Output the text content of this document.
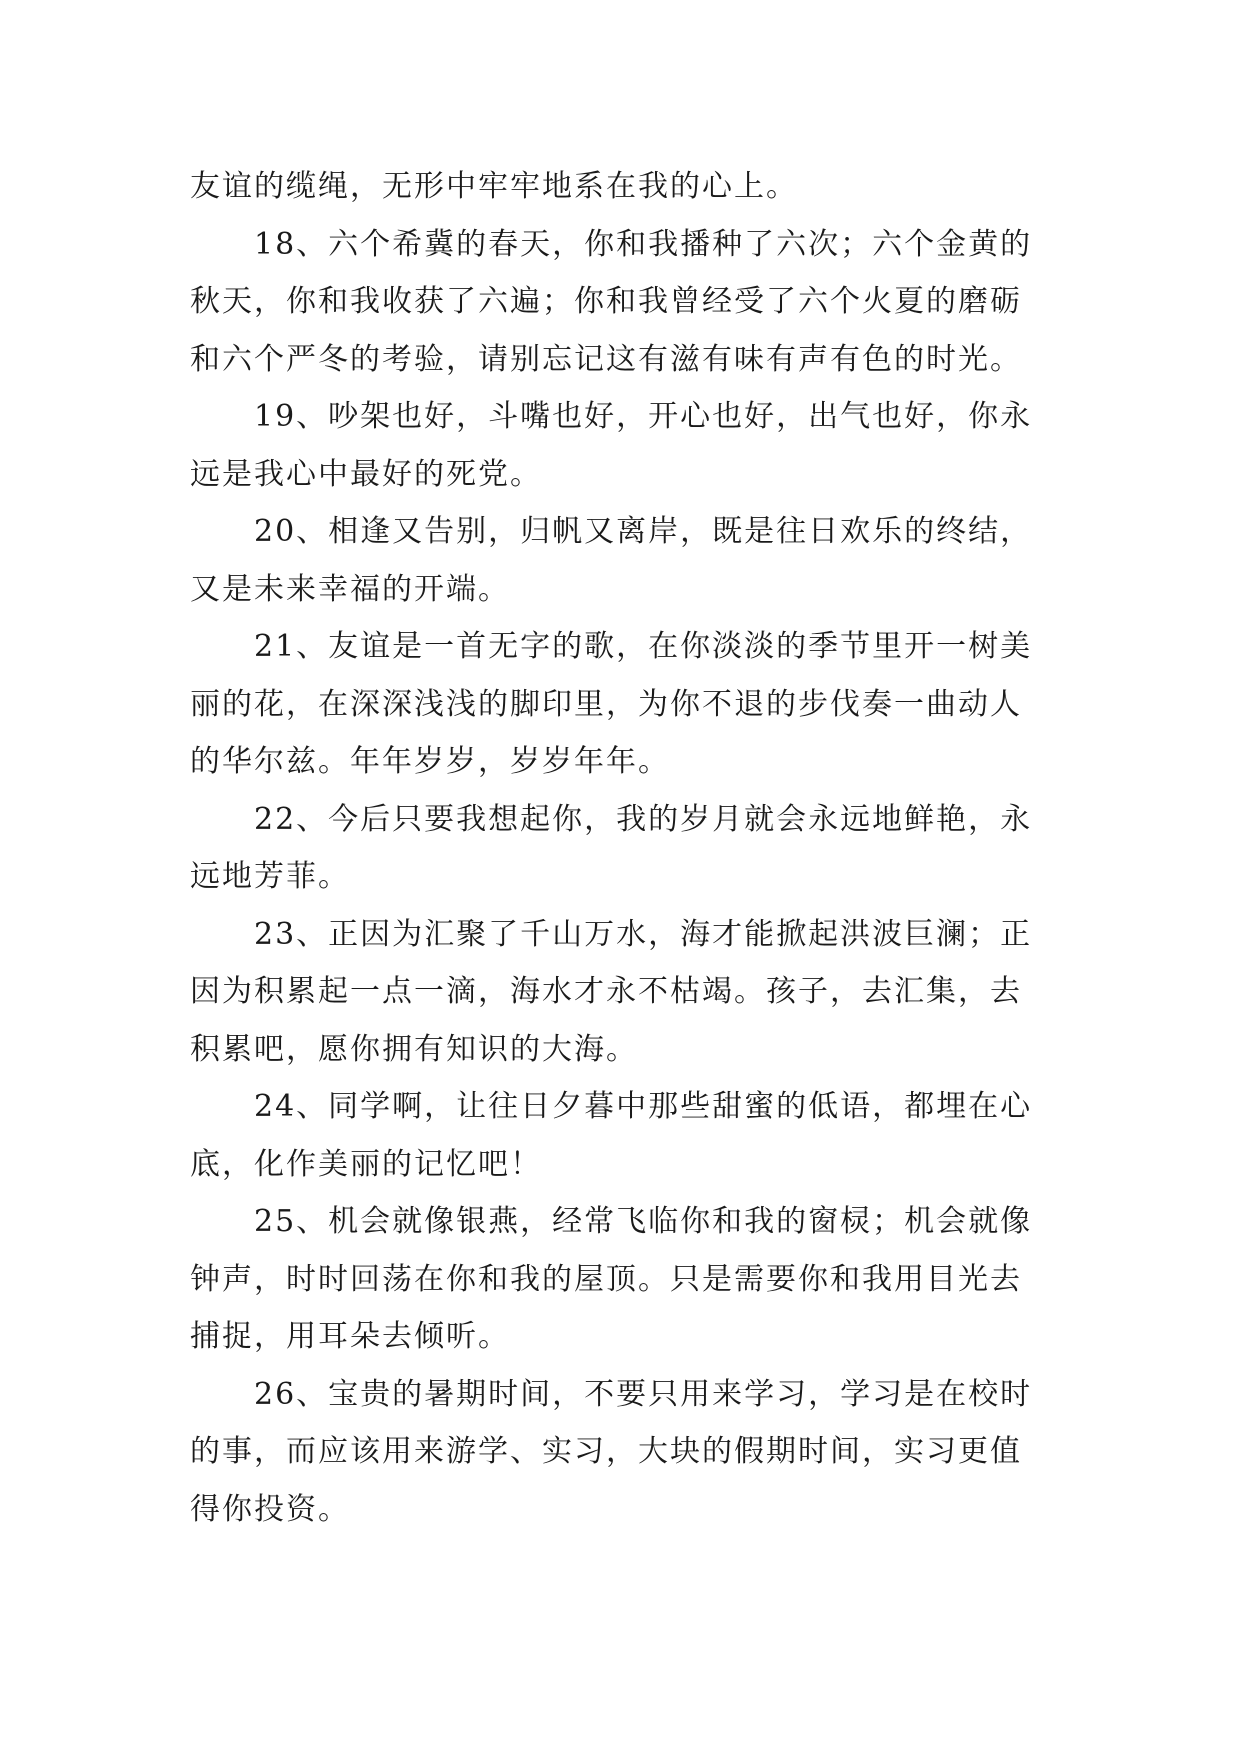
友谊的缆绳，无形中牢牢地系在我的心上。
18、六个希冀的春天，你和我播种了六次；六个金黄的
秋天，你和我收获了六遍；你和我曾经受了六个火夏的磨砺
和六个严冬的考验，请别忘记这有滋有味有声有色的时光。
19、吵架也好，斗嘴也好，开心也好，出气也好，你永
远是我心中最好的死党。
20、相逢又告别，归帆又离岸，既是往日欢乐的终结，
又是未来幸福的开端。
21、友谊是一首无字的歌，在你淡淡的季节里开一树美
丽的花，在深深浅浅的脚印里，为你不退的步伐奏一曲动人
的华尔兹。年年岁岁，岁岁年年。
22、今后只要我想起你，我的岁月就会永远地鲜艳，永
远地芳菲。
23、正因为汇聚了千山万水，海才能掀起洪波巨澜；正
因为积累起一点一滴，海水才永不枯竭。孩子，去汇集，去
积累吧，愿你拥有知识的大海。
24、同学啊，让往日夕暮中那些甜蜜的低语，都埋在心
底，化作美丽的记忆吧！
25、机会就像银燕，经常飞临你和我的窗棂；机会就像
钟声，时时回荡在你和我的屋顶。只是需要你和我用目光去
捕捉，用耳朵去倾听。
26、宝贵的暑期时间，不要只用来学习，学习是在校时
的事，而应该用来游学、实习，大块的假期时间，实习更值
得你投资。
